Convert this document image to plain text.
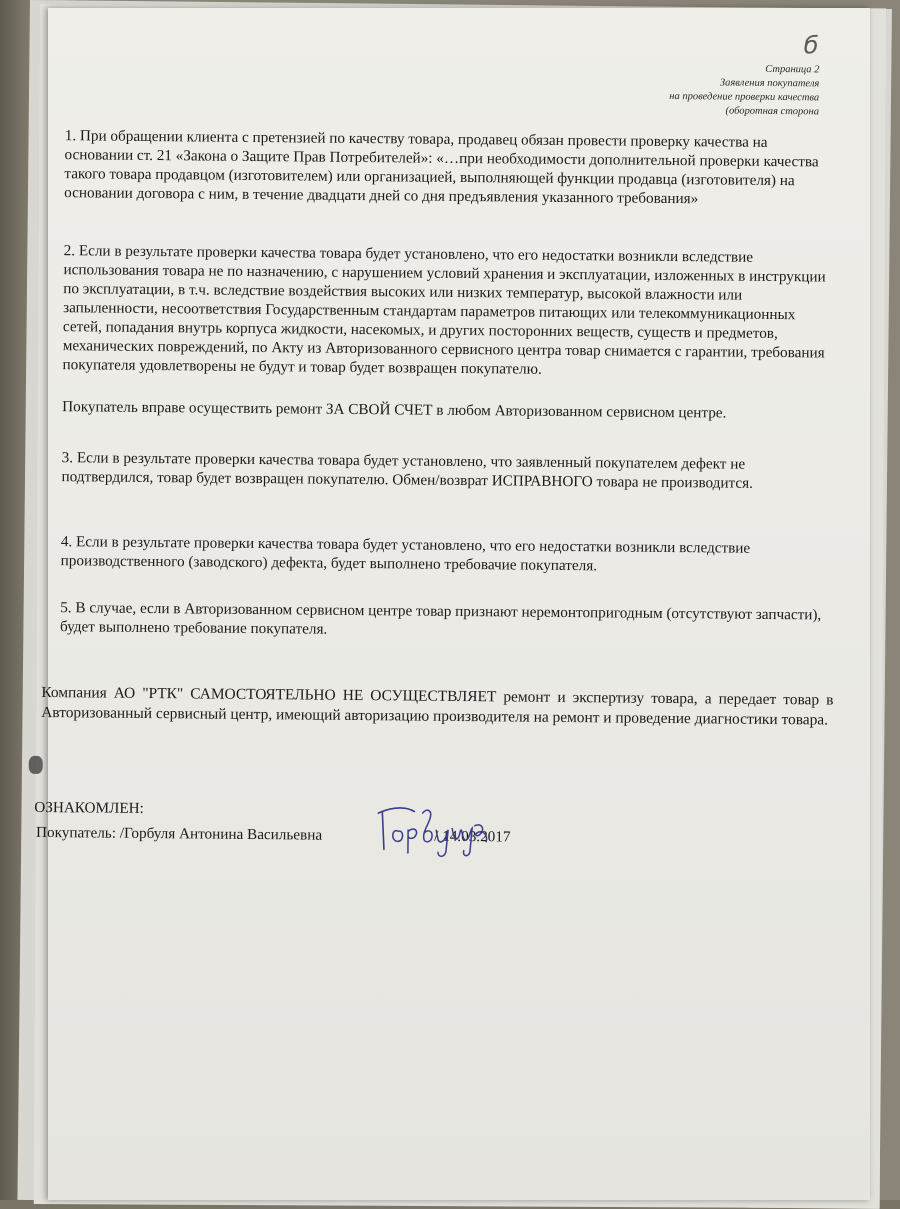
б
Страница 2
Заявления покупателя
на проведение проверки качества
(оборотная сторона

1. При обращении клиента с претензией по качеству товара, продавец обязан провести проверку качества на основании ст. 21 «Закона о Защите Прав Потребителей»: «…при необходимости дополнительной проверки качества такого товара продавцом (изготовителем) или организацией, выполняющей функции продавца (изготовителя) на основании договора с ним, в течение двадцати дней со дня предъявления указанного требования»

2. Если в результате проверки качества товара будет установлено, что его недостатки возникли вследствие использования товара не по назначению, с нарушением условий хранения и эксплуатации, изложенных в инструкции по эксплуатации, в т.ч. вследствие воздействия высоких или низких температур, высокой влажности или запыленности, несоответствия Государственным стандартам параметров питающих или телекоммуникационных сетей, попадания внутрь корпуса жидкости, насекомых, и других посторонних веществ, существ и предметов, механических повреждений, по Акту из Авторизованного сервисного центра товар снимается с гарантии, требования покупателя удовлетворены не будут и товар будет возвращен покупателю.

Покупатель вправе осуществить ремонт ЗА СВОЙ СЧЕТ в любом Авторизованном сервисном центре.

3. Если в результате проверки качества товара будет установлено, что заявленный покупателем дефект не подтвердился, товар будет возвращен покупателю. Обмен/возврат ИСПРАВНОГО товара не производится.

4. Если в результате проверки качества товара будет установлено, что его недостатки возникли вследствие производственного (заводского) дефекта, будет выполнено требовачие покупателя.

5. В случае, если в Авторизованном сервисном центре товар признают неремонтопригодным (отсутствуют запчасти), будет выполнено требование покупателя.

Компания АО "РТК" САМОСТОЯТЕЛЬНО НЕ ОСУЩЕСТВЛЯЕТ ремонт и экспертизу товара, а передает товар в Авторизованный сервисный центр, имеющий авторизацию производителя на ремонт и проведение диагностики товара.

ОЗНАКОМЛЕН:

Покупатель: /Горбуля Антонина Васильевна	/ 14.03.2017
